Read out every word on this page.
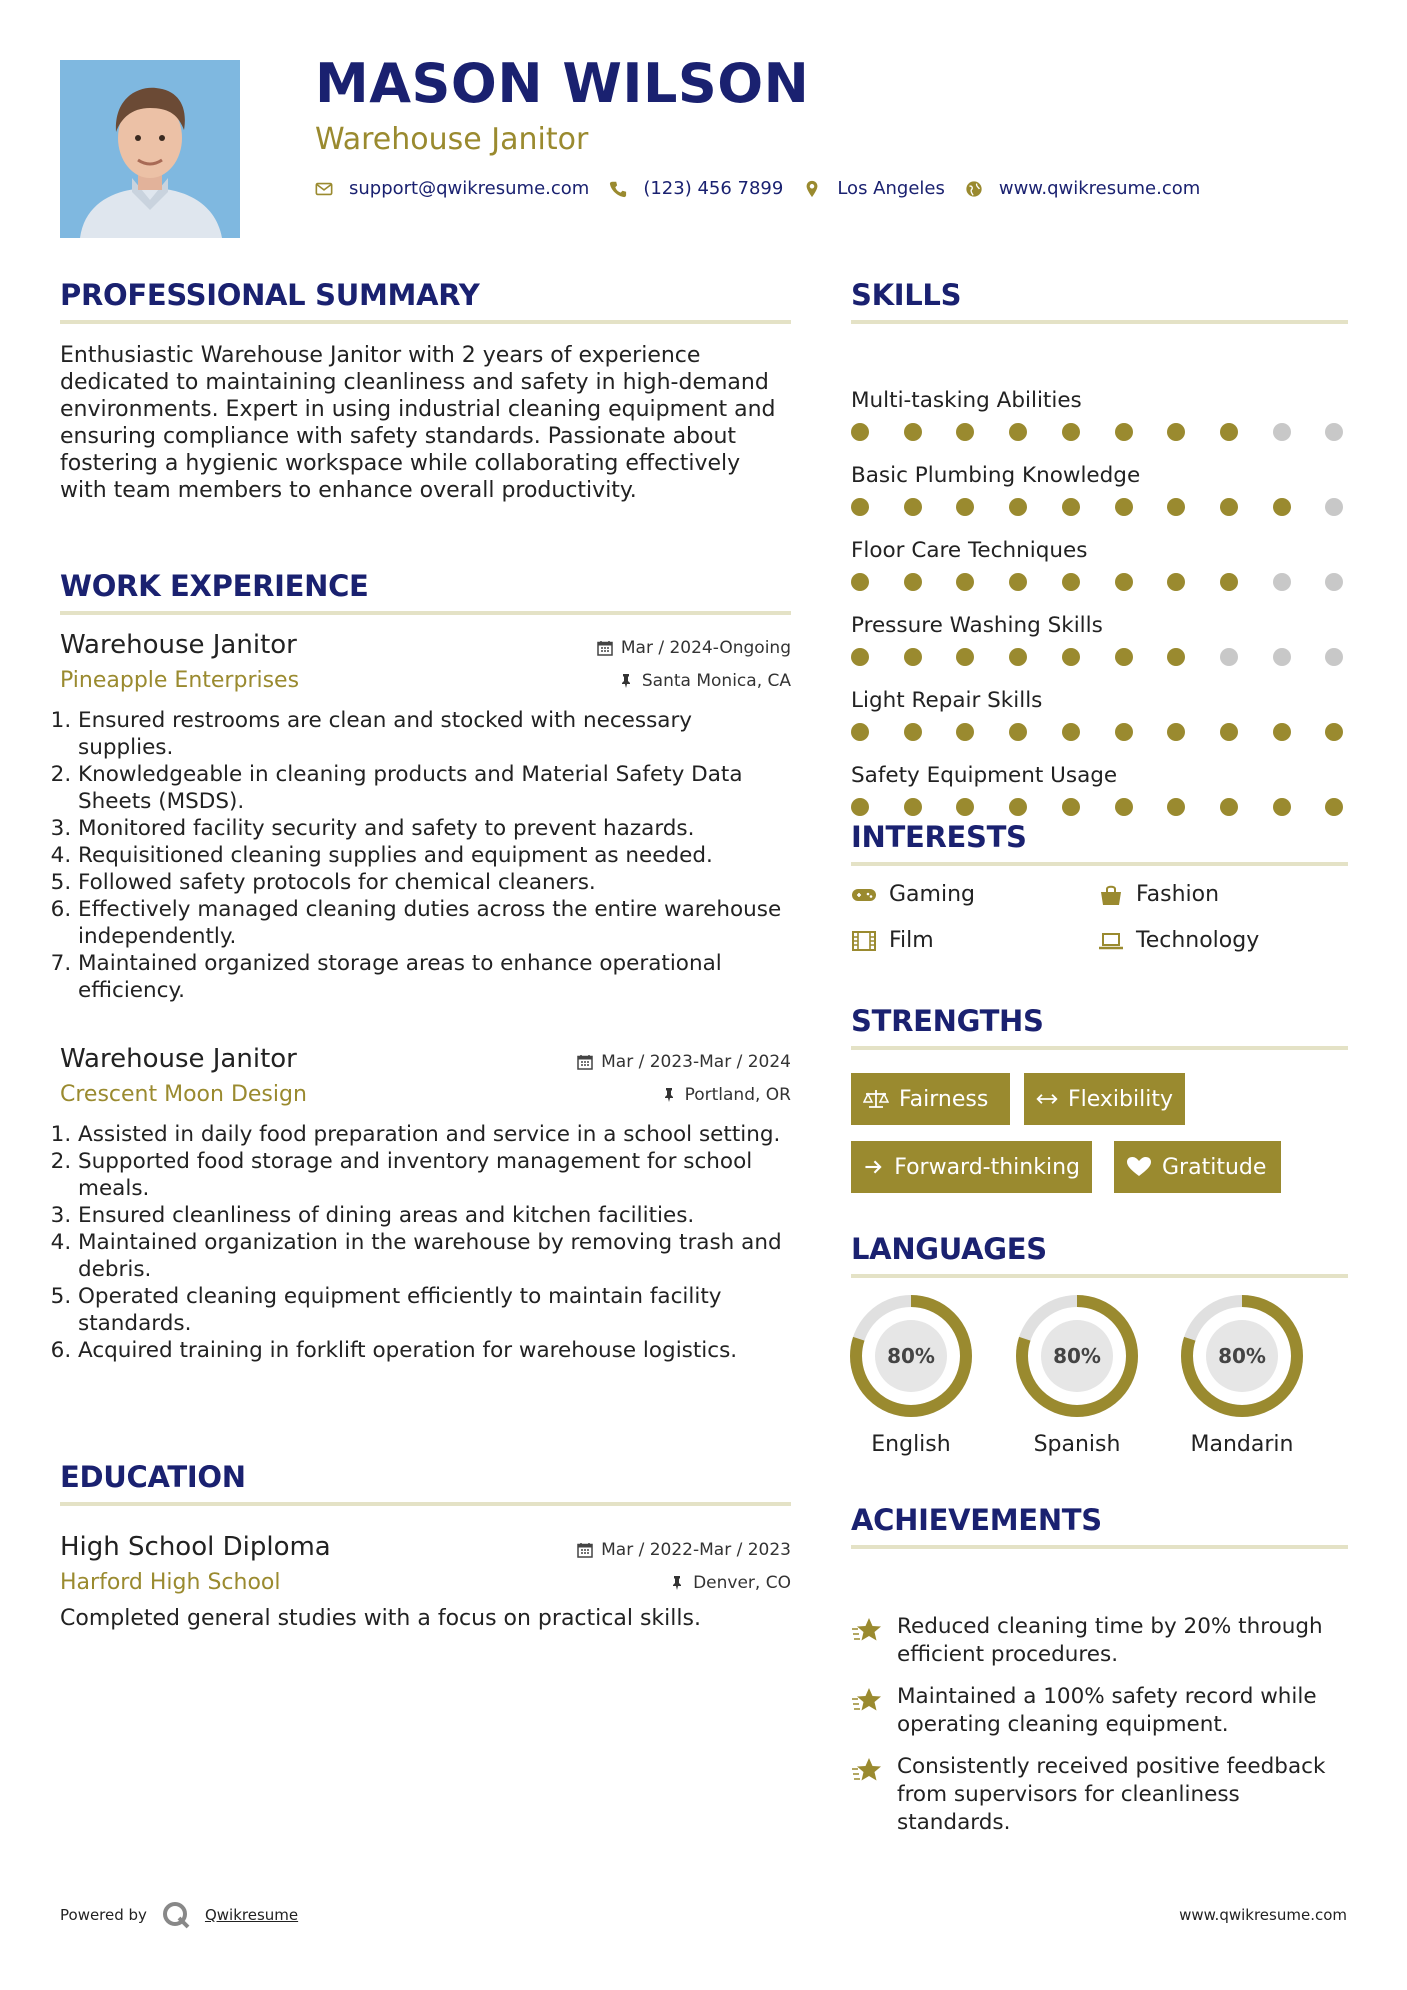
MASON WILSON
Warehouse Janitor
support@qwikresume.com	(123) 456 7899	Los Angeles	www.qwikresume.com
PROFESSIONAL SUMMARY
Enthusiastic Warehouse Janitor with 2 years of experience dedicated to maintaining cleanliness and safety in high-demand environments. Expert in using industrial cleaning equipment and ensuring compliance with safety standards. Passionate about fostering a hygienic workspace while collaborating effectively with team members to enhance overall productivity.
WORK EXPERIENCE
Warehouse Janitor	Mar / 2024-Ongoing
Pineapple Enterprises	Santa Monica, CA
1. Ensured restrooms are clean and stocked with necessary supplies.
2. Knowledgeable in cleaning products and Material Safety Data Sheets (MSDS).
3. Monitored facility security and safety to prevent hazards.
4. Requisitioned cleaning supplies and equipment as needed.
5. Followed safety protocols for chemical cleaners.
6. Effectively managed cleaning duties across the entire warehouse independently.
7. Maintained organized storage areas to enhance operational efficiency.
Warehouse Janitor	Mar / 2023-Mar / 2024
Crescent Moon Design	Portland, OR
1. Assisted in daily food preparation and service in a school setting.
2. Supported food storage and inventory management for school meals.
3. Ensured cleanliness of dining areas and kitchen facilities.
4. Maintained organization in the warehouse by removing trash and debris.
5. Operated cleaning equipment efficiently to maintain facility standards.
6. Acquired training in forklift operation for warehouse logistics.
EDUCATION
High School Diploma	Mar / 2022-Mar / 2023
Harford High School	Denver, CO
Completed general studies with a focus on practical skills.
SKILLS
Multi-tasking Abilities
Basic Plumbing Knowledge
Floor Care Techniques
Pressure Washing Skills
Light Repair Skills
Safety Equipment Usage
INTERESTS
Gaming	Fashion
Film	Technology
STRENGTHS
Fairness	Flexibility
Forward-thinking	Gratitude
LANGUAGES
80%
English
80%
Spanish
80%
Mandarin
ACHIEVEMENTS
Reduced cleaning time by 20% through efficient procedures.
Maintained a 100% safety record while operating cleaning equipment.
Consistently received positive feedback from supervisors for cleanliness standards.
Powered by	Qwikresume	www.qwikresume.com
